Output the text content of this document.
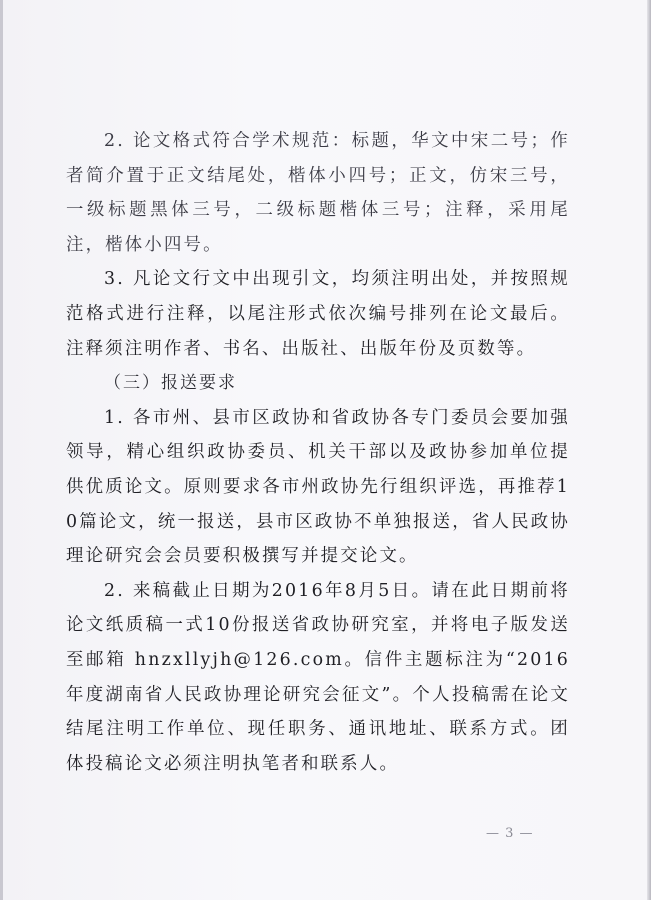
2. 论文格式符合学术规范：标题，华文中宋二号；作者简介置于正文结尾处，楷体小四号；正文，仿宋三号，一级标题黑体三号，二级标题楷体三号；注释，采用尾注，楷体小四号。

3. 凡论文行文中出现引文，均须注明出处，并按照规范格式进行注释，以尾注形式依次编号排列在论文最后。注释须注明作者、书名、出版社、出版年份及页数等。

（三）报送要求

1. 各市州、县市区政协和省政协各专门委员会要加强领导，精心组织政协委员、机关干部以及政协参加单位提供优质论文。原则要求各市州政协先行组织评选，再推荐10篇论文，统一报送，县市区政协不单独报送，省人民政协理论研究会会员要积极撰写并提交论文。

2. 来稿截止日期为2016年8月5日。请在此日期前将论文纸质稿一式10份报送省政协研究室，并将电子版发送至邮箱 hnzxllyjh@126.com。信件主题标注为“2016年度湖南省人民政协理论研究会征文”。个人投稿需在论文结尾注明工作单位、现任职务、通讯地址、联系方式。团体投稿论文必须注明执笔者和联系人。

— 3 —
